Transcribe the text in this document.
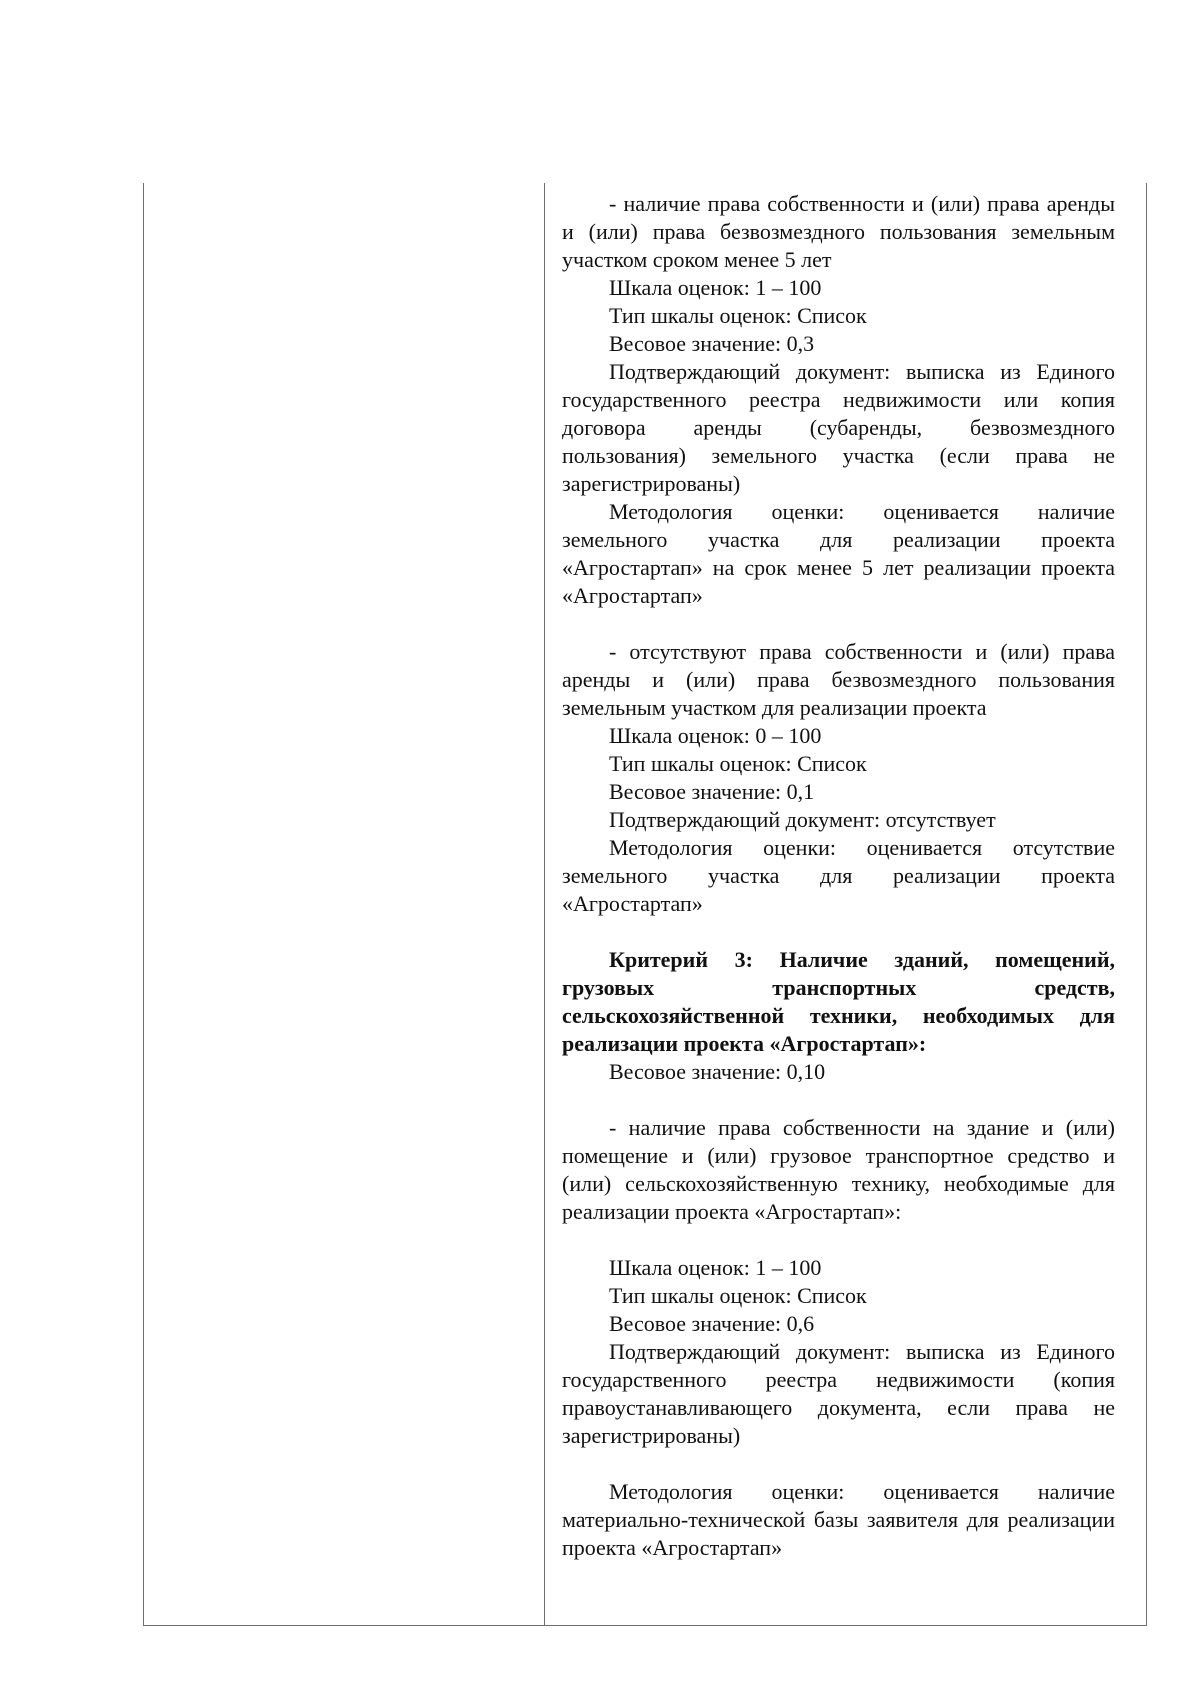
- наличие права собственности и (или) права аренды и (или) права безвозмездного пользования земельным участком сроком менее 5 лет

Шкала оценок: 1 – 100

Тип шкалы оценок: Список

Весовое значение: 0,3

Подтверждающий документ: выписка из Единого государственного реестра недвижимости или копия договора аренды (субаренды, безвозмездного пользования) земельного участка (если права не зарегистрированы)

Методология оценки: оценивается наличие земельного участка для реализации проекта «Агростартап» на срок менее 5 лет реализации проекта «Агростартап»

- отсутствуют права собственности и (или) права аренды и (или) права безвозмездного пользования земельным участком для реализации проекта

Шкала оценок: 0 – 100

Тип шкалы оценок: Список

Весовое значение: 0,1

Подтверждающий документ: отсутствует

Методология оценки: оценивается отсутствие земельного участка для реализации проекта «Агростартап»

Критерий 3: Наличие зданий, помещений, грузовых транспортных средств, сельскохозяйственной техники, необходимых для реализации проекта «Агростартап»:

Весовое значение: 0,10

- наличие права собственности на здание и (или) помещение и (или) грузовое транспортное средство и (или) сельскохозяйственную технику, необходимые для реализации проекта «Агростартап»:

Шкала оценок: 1 – 100

Тип шкалы оценок: Список

Весовое значение: 0,6

Подтверждающий документ: выписка из Единого государственного реестра недвижимости (копия правоустанавливающего документа, если права не зарегистрированы)

Методология оценки: оценивается наличие материально-технической базы заявителя для реализации проекта «Агростартап»
